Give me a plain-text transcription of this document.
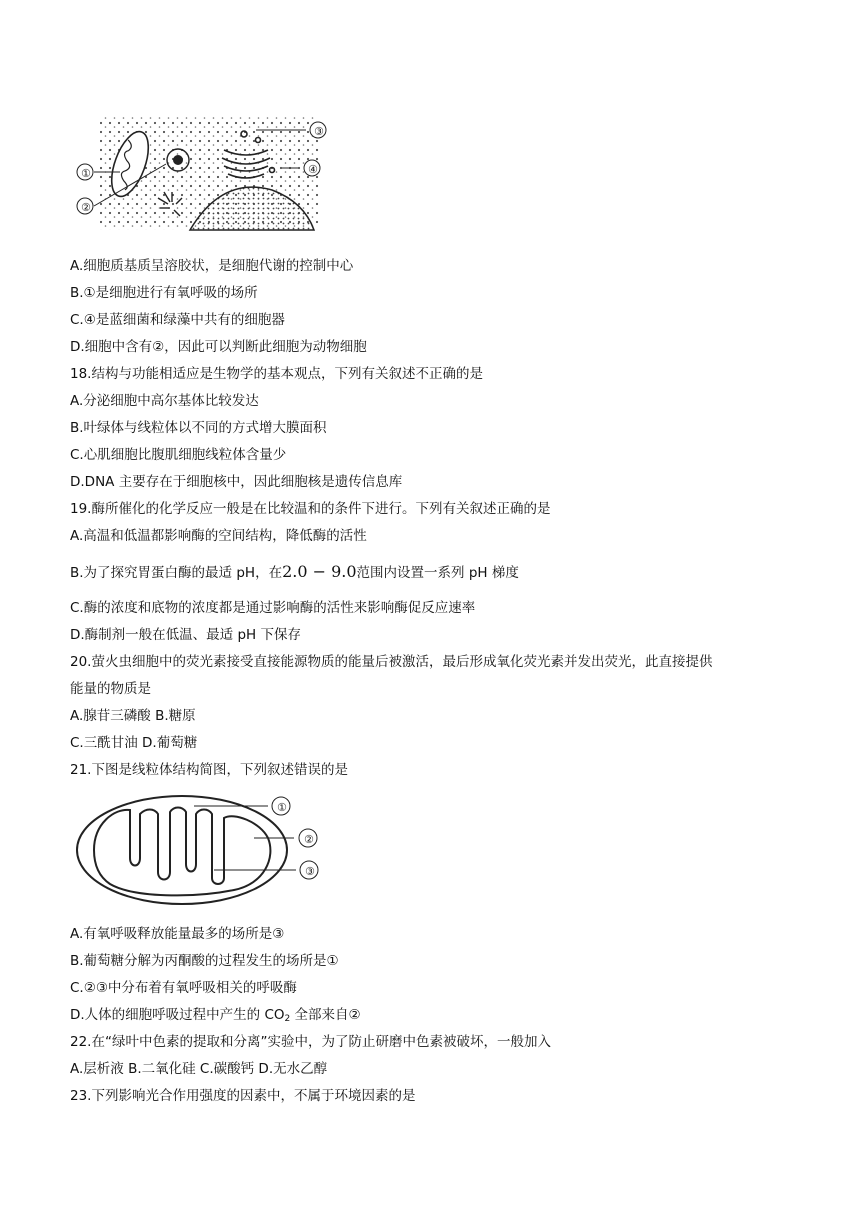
①
②
③
④
A.细胞质基质呈溶胶状，是细胞代谢的控制中心
B.①是细胞进行有氧呼吸的场所
C.④是蓝细菌和绿藻中共有的细胞器
D.细胞中含有②，因此可以判断此细胞为动物细胞
18.结构与功能相适应是生物学的基本观点，下列有关叙述不正确的是
A.分泌细胞中高尔基体比较发达
B.叶绿体与线粒体以不同的方式增大膜面积
C.心肌细胞比腹肌细胞线粒体含量少
D.DNA 主要存在于细胞核中，因此细胞核是遗传信息库
19.酶所催化的化学反应一般是在比较温和的条件下进行。下列有关叙述正确的是
A.高温和低温都影响酶的空间结构，降低酶的活性
B.为了探究胃蛋白酶的最适 pH，在2.0 − 9.0范围内设置一系列 pH 梯度
C.酶的浓度和底物的浓度都是通过影响酶的活性来影响酶促反应速率
D.酶制剂一般在低温、最适 pH 下保存
20.萤火虫细胞中的荧光素接受直接能源物质的能量后被激活，最后形成氧化荧光素并发出荧光，此直接提供
能量的物质是
A.腺苷三磷酸 B.糖原
C.三酰甘油 D.葡萄糖
21.下图是线粒体结构简图，下列叙述错误的是
①
②
③
A.有氧呼吸释放能量最多的场所是③
B.葡萄糖分解为丙酮酸的过程发生的场所是①
C.②③中分布着有氧呼吸相关的呼吸酶
D.人体的细胞呼吸过程中产生的 $CO_2$ 全部来自②
22.在“绿叶中色素的提取和分离”实验中，为了防止研磨中色素被破坏，一般加入
A.层析液 B.二氧化硅 C.碳酸钙 D.无水乙醇
23.下列影响光合作用强度的因素中，不属于环境因素的是
